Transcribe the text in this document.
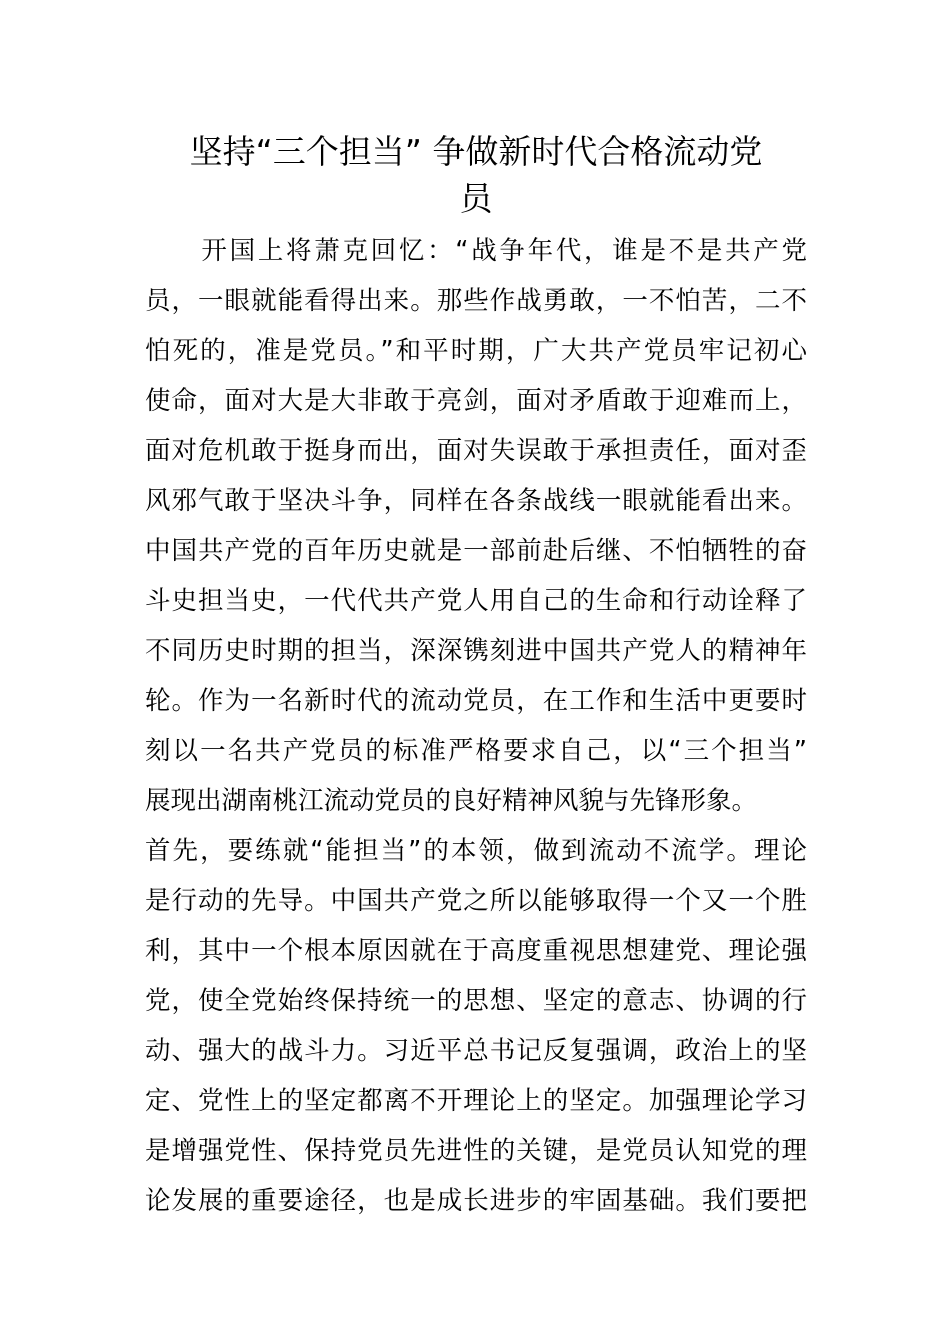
坚持“三个担当” 争做新时代合格流动党
员
　　开国上将萧克回忆：“战争年代，谁是不是共产党
员，一眼就能看得出来。那些作战勇敢，一不怕苦，二不
怕死的，准是党员。”和平时期，广大共产党员牢记初心
使命，面对大是大非敢于亮剑，面对矛盾敢于迎难而上，
面对危机敢于挺身而出，面对失误敢于承担责任，面对歪
风邪气敢于坚决斗争，同样在各条战线一眼就能看出来。
中国共产党的百年历史就是一部前赴后继、不怕牺牲的奋
斗史担当史，一代代共产党人用自己的生命和行动诠释了
不同历史时期的担当，深深镌刻进中国共产党人的精神年
轮。作为一名新时代的流动党员，在工作和生活中更要时
刻以一名共产党员的标准严格要求自己，以“三个担当”
展现出湖南桃江流动党员的良好精神风貌与先锋形象。
首先，要练就“能担当”的本领，做到流动不流学。理论
是行动的先导。中国共产党之所以能够取得一个又一个胜
利，其中一个根本原因就在于高度重视思想建党、理论强
党，使全党始终保持统一的思想、坚定的意志、协调的行
动、强大的战斗力。习近平总书记反复强调，政治上的坚
定、党性上的坚定都离不开理论上的坚定。加强理论学习
是增强党性、保持党员先进性的关键，是党员认知党的理
论发展的重要途径，也是成长进步的牢固基础。我们要把
